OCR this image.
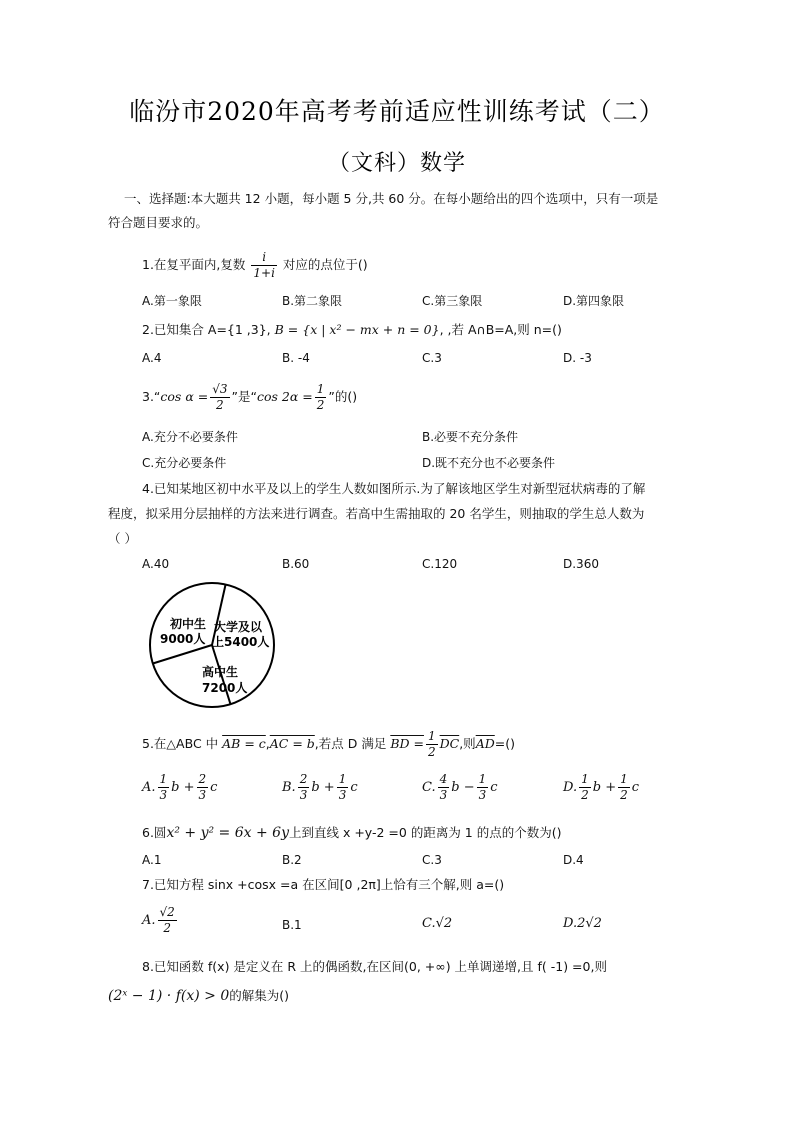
临汾市2020年高考考前适应性训练考试（二）
（文科）数学
一、选择题:本大题共 12 小题，每小题 5 分,共 60 分。在每小题给出的四个选项中，只有一项是
符合题目要求的。
1.在复平面内,复数 $\frac{i}{1+i}$ 对应的点位于()
A.第一象限	B.第二象限	C.第三象限	D.第四象限
2.已知集合 A={1 ,3}, B = {x | x² − mx + n = 0}, ,若 A∩B=A,则 n=()
A.4	B. -4	C.3	D. -3
3.“cos $\alpha = \frac{√3}{2}$ ”是“cos $2\alpha = \frac{1}{2}$ ”的()
A.充分不必要条件	B.必要不充分条件
C.充分必要条件	D.既不充分也不必要条件
4.已知某地区初中水平及以上的学生人数如图所示.为了解该地区学生对新型冠状病毒的了解
程度，拟采用分层抽样的方法来进行调查。若高中生需抽取的 20 名学生，则抽取的学生总人数为
（ ）
A.40	B.60	C.120	D.360
初中生
9000人
大学及以
上5400人
高中生
7200人
5.在△ABC 中 AB = c,AC = b,若点 D 满足 BD = $\frac{1}{2} \overline{DC}$,则$\overline{AD}=()$
A. $\frac{1}{3}$ $b + \frac{2}{3}$ c	B. $\frac{2}{3}$ $b + \frac{1}{3}$ c	C. $\frac{4}{3}$ $b - \frac{1}{3}$ c	D. $\frac{1}{2}$ $b + \frac{1}{2}$ c
6.圆x² + y² = 6x + 6y上到直线 x +y-2 =0 的距离为 1 的点的个数为()
A.1	B.2	C.3	D.4
7.已知方程 sinx +cosx =a 在区间[0 ,2π]上恰有三个解,则 a=()
A. $\frac{√2}{2}$	B.1	C.√2	D.2√2
8.已知函数 f(x) 是定义在 R 上的偶函数,在区间(0, +∞) 上单调递增,且 f( -1) =0,则
(2ˣ − 1) · f(x) > 0的解集为()
